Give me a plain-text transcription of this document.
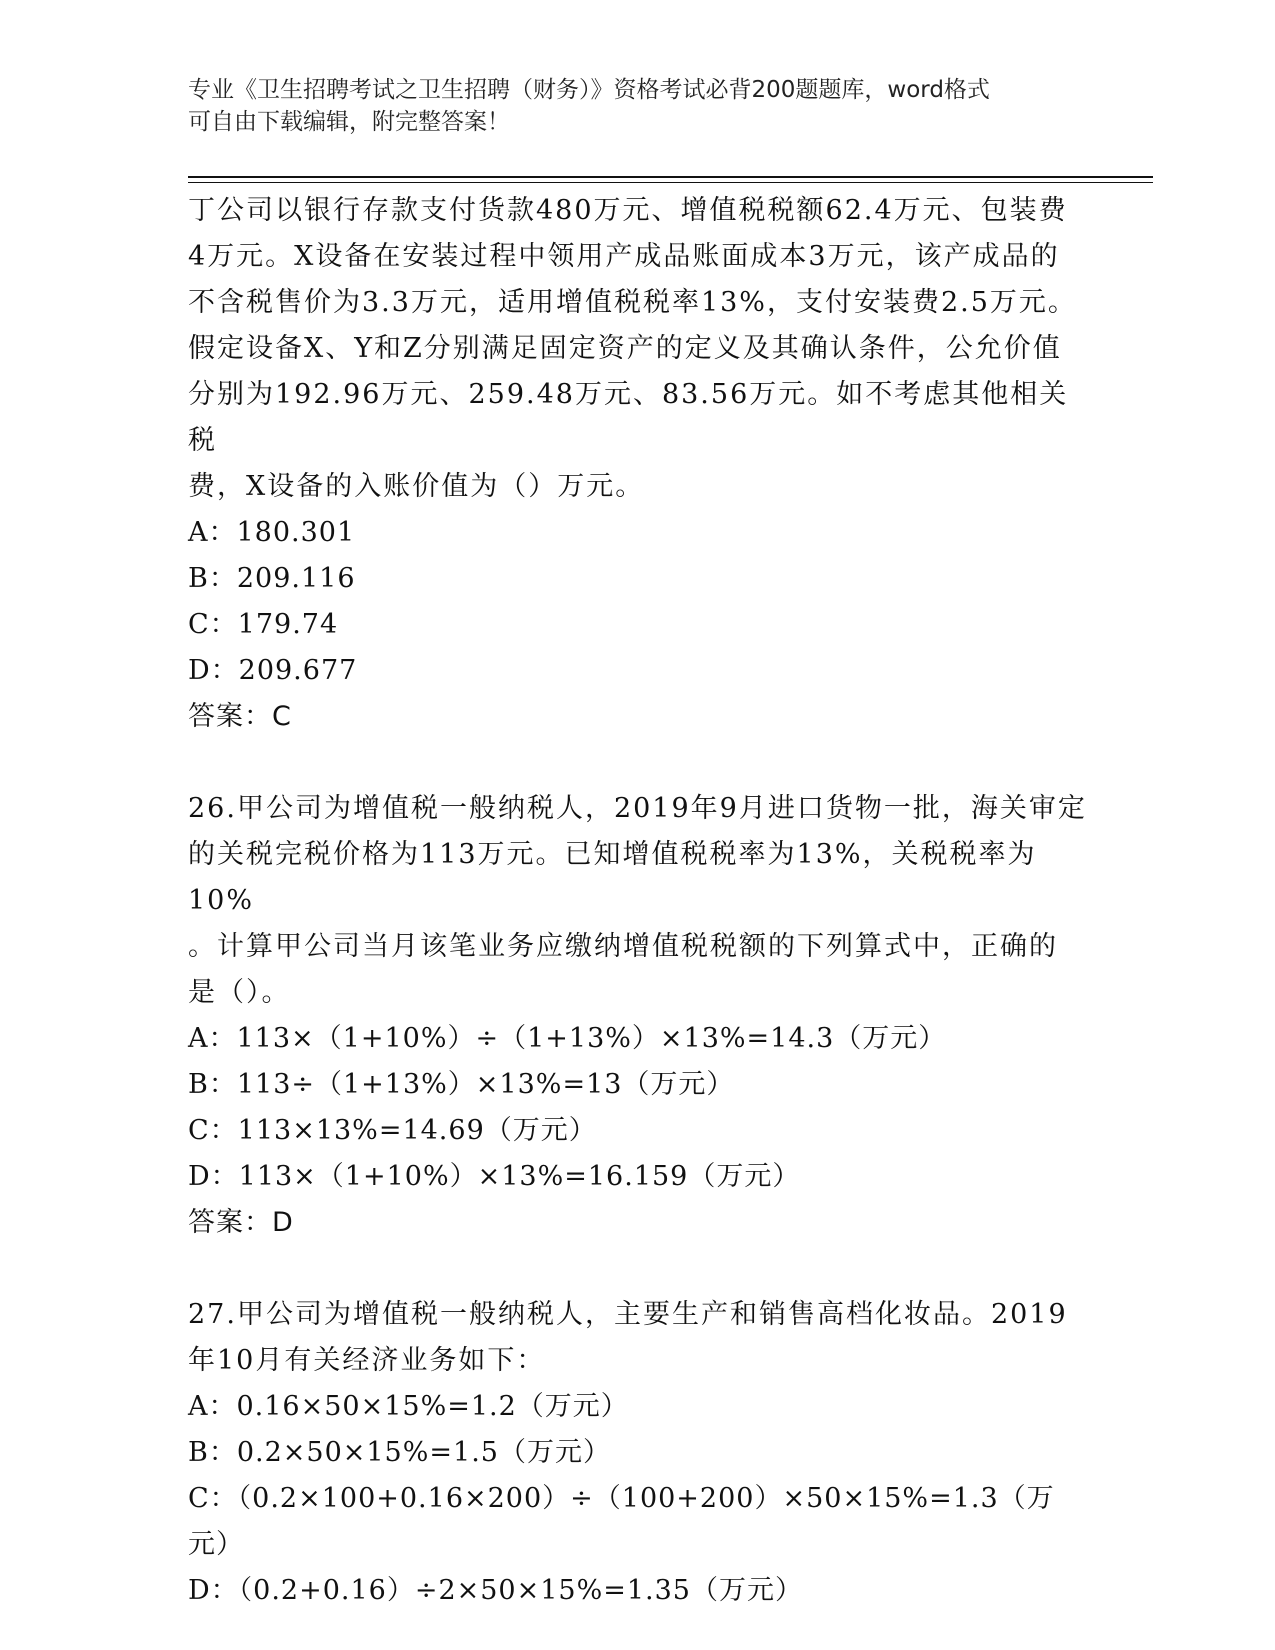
专业《卫生招聘考试之卫生招聘（财务）》资格考试必背200题题库，word格式
可自由下载编辑，附完整答案！

丁公司以银行存款支付货款480万元、增值税税额62.4万元、包装费

4万元。X设备在安装过程中领用产成品账面成本3万元，该产成品的

不含税售价为3.3万元，适用增值税税率13%，支付安装费2.5万元。

假定设备X、Y和Z分别满足固定资产的定义及其确认条件，公允价值

分别为192.96万元、259.48万元、83.56万元。如不考虑其他相关税

费，X设备的入账价值为（）万元。

A：180.301

B：209.116

C：179.74

D：209.677

答案：C

26.甲公司为增值税一般纳税人，2019年9月进口货物一批，海关审定

的关税完税价格为113万元。已知增值税税率为13%，关税税率为10%

。计算甲公司当月该笔业务应缴纳增值税税额的下列算式中，正确的

是（）。

A：113×（1+10%）÷（1+13%）×13%=14.3（万元）

B：113÷（1+13%）×13%=13（万元）

C：113×13%=14.69（万元）

D：113×（1+10%）×13%=16.159（万元）

答案：D

27.甲公司为增值税一般纳税人，主要生产和销售高档化妆品。2019

年10月有关经济业务如下：

A：0.16×50×15%=1.2（万元）

B：0.2×50×15%=1.5（万元）

C：（0.2×100+0.16×200）÷（100+200）×50×15%=1.3（万元）

D：（0.2+0.16）÷2×50×15%=1.35（万元）
